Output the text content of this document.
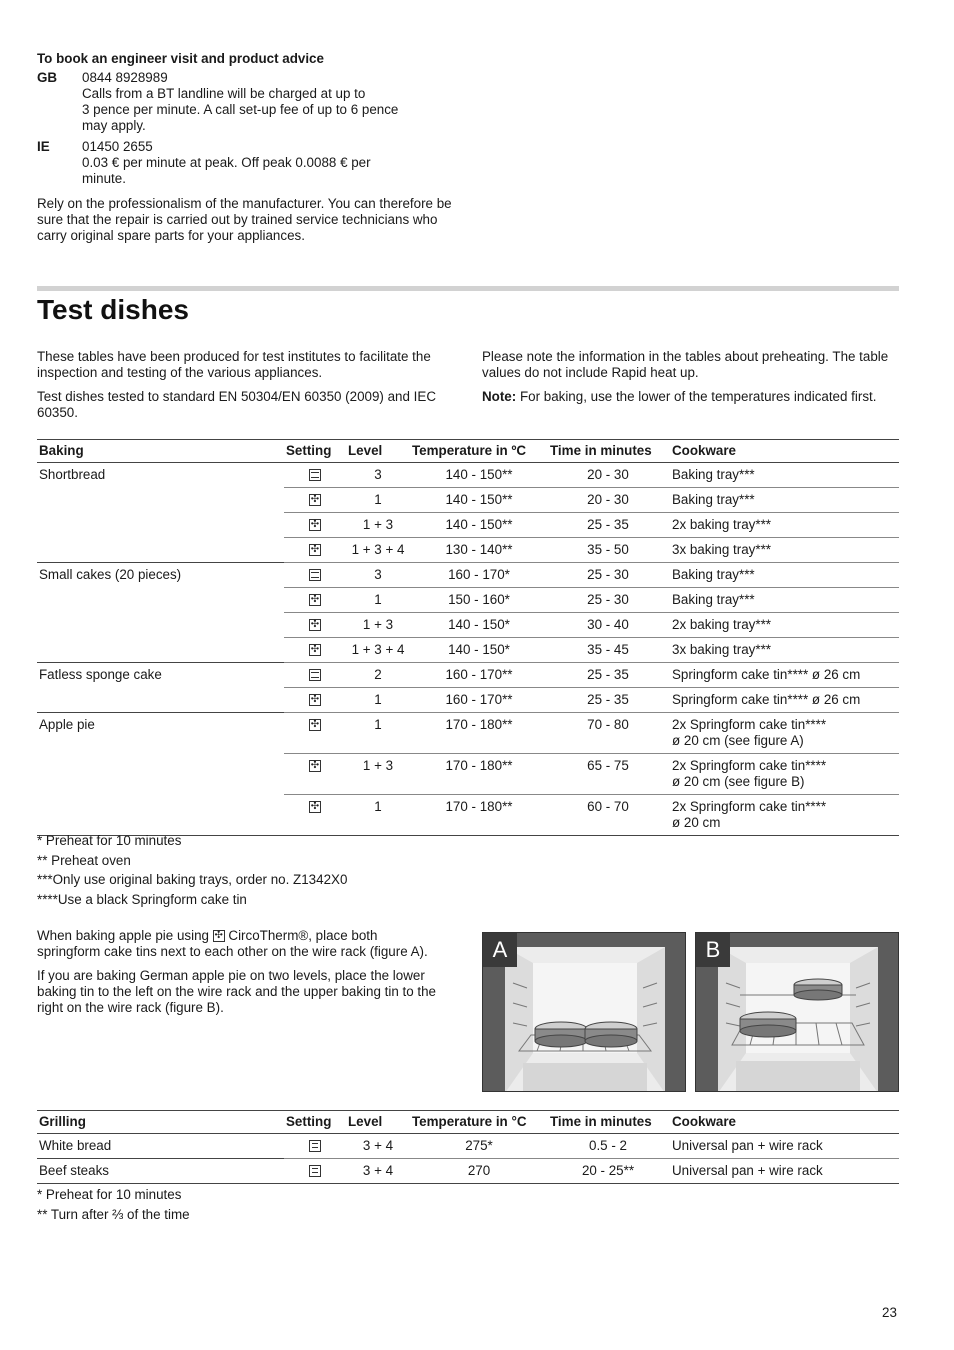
To book an engineer visit and product advice
GB	0844 8928989
Calls from a BT landline will be charged at up to
3 pence per minute. A call set-up fee of up to 6 pence
may apply.
IE	01450 2655
0.03 € per minute at peak. Off peak 0.0088 € per
minute.
Rely on the professionalism of the manufacturer. You can therefore be sure that the repair is carried out by trained service technicians who carry original spare parts for your appliances.
Test dishes

These tables have been produced for test institutes to facilitate the inspection and testing of the various appliances.

Test dishes tested to standard EN 50304/EN 60350 (2009) and IEC 60350.

Please note the information in the tables about preheating. The table values do not include Rapid heat up.

Note: For baking, use the lower of the temperatures indicated first.

Baking	Setting	Level	Temperature in ºC	Time in minutes	Cookware
Shortbread		3	140 - 150**	20 - 30	Baking tray***

	✣	1	140 - 150**	20 - 30	Baking tray***

	✣	1 + 3	140 - 150**	25 - 35	2x baking tray***

	✣	1 + 3 + 4	130 - 140**	35 - 50	3x baking tray***

Small cakes (20 pieces)		3	160 - 170*	25 - 30	Baking tray***

	✣	1	150 - 160*	25 - 30	Baking tray***

	✣	1 + 3	140 - 150*	30 - 40	2x baking tray***

	✣	1 + 3 + 4	140 - 150*	35 - 45	3x baking tray***

Fatless sponge cake		2	160 - 170**	25 - 35	Springform cake tin**** ø 26 cm

	✣	1	160 - 170**	25 - 35	Springform cake tin**** ø 26 cm

Apple pie	✣	1	170 - 180**	70 - 80	2x Springform cake tin****
ø 20 cm (see figure A)

	✣	1 + 3	170 - 180**	65 - 75	2x Springform cake tin****
ø 20 cm (see figure B)

	✣	1	170 - 180**	60 - 70	2x Springform cake tin****
ø 20 cm
* Preheat for 10 minutes
** Preheat oven
***Only use original baking trays, order no. Z1342X0
****Use a black Springform cake tin

When baking apple pie using ✣ CircoTherm®, place both springform cake tins next to each other on the wire rack (figure A).

If you are baking German apple pie on two levels, place the lower baking tin to the left on the wire rack and the upper baking tin to the right on the wire rack (figure B).

A	B
Grilling	Setting	Level	Temperature in °C	Time in minutes	Cookware
White bread		3 + 4	275*	0.5 - 2	Universal pan + wire rack

Beef steaks		3 + 4	270	20 - 25**	Universal pan + wire rack
* Preheat for 10 minutes
** Turn after ⅔ of the time
23
